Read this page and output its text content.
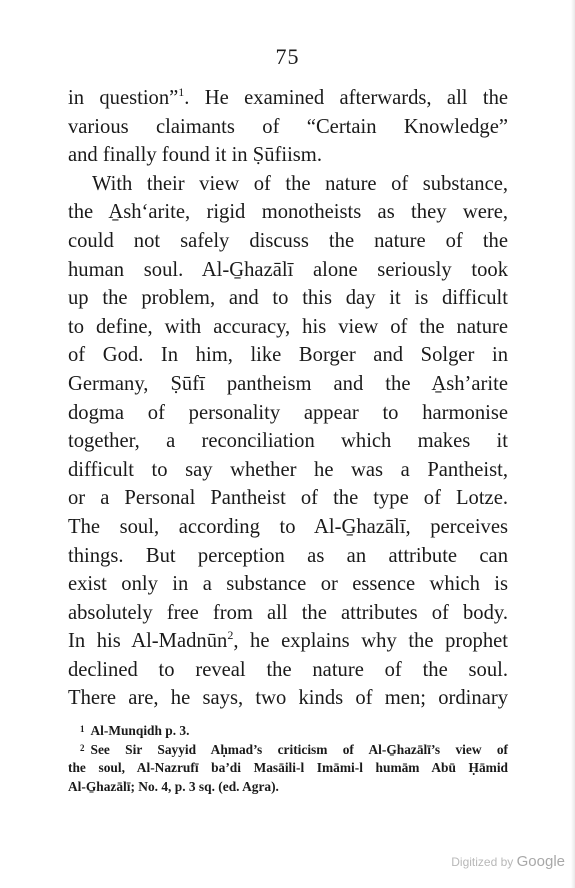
75
in question”$^1$. He examined afterwards, all the
various claimants of “Certain Knowledge”
and finally found it in Ṣūfiism.
With their view of the nature of substance,
the A̱sh‘arite, rigid monotheists as they were,
could not safely discuss the nature of the
human soul. Al-G̱hazālī alone seriously took
up the problem, and to this day it is difficult
to define, with accuracy, his view of the nature
of God. In him, like Borger and Solger in
Germany, Ṣūfī pantheism and the A̱sh’arite
dogma of personality appear to harmonise
together, a reconciliation which makes it
difficult to say whether he was a Pantheist,
or a Personal Pantheist of the type of Lotze.
The soul, according to Al-G̱hazālī, perceives
things. But perception as an attribute can
exist only in a substance or essence which is
absolutely free from all the attributes of body.
In his Al-Madnūn$^2$, he explains why the prophet
declined to reveal the nature of the soul.
There are, he says, two kinds of men; ordinary
$^1$ Al-Munqidh p. 3.
$^2$ See Sir Sayyid Aḥmad’s criticism of Al-G̱hazālī’s view of
the soul, Al-Nazrufī ba’di Masāili-l Imāmi-l humām Abū Ḥāmid
Al-G̱hazālī; No. 4, p. 3 sq. (ed. Agra).
Digitized by Google
